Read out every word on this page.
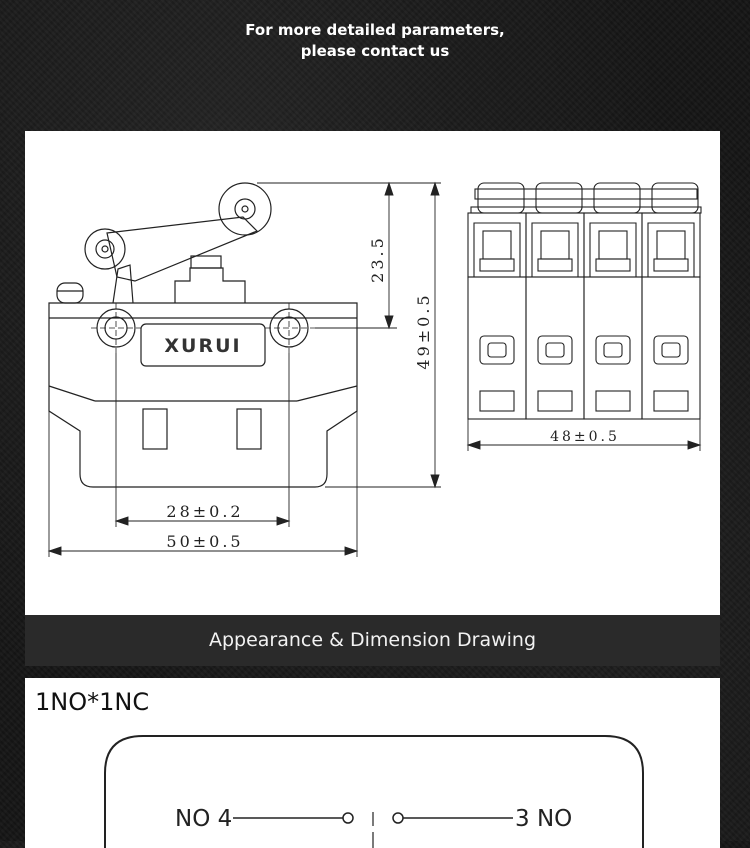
For more detailed parameters,
please contact us
XURUI
23.5
49±0.5
28±0.2
50±0.5
48±0.5
Appearance & Dimension Drawing
1NO*1NC
NO 4	3 NO
